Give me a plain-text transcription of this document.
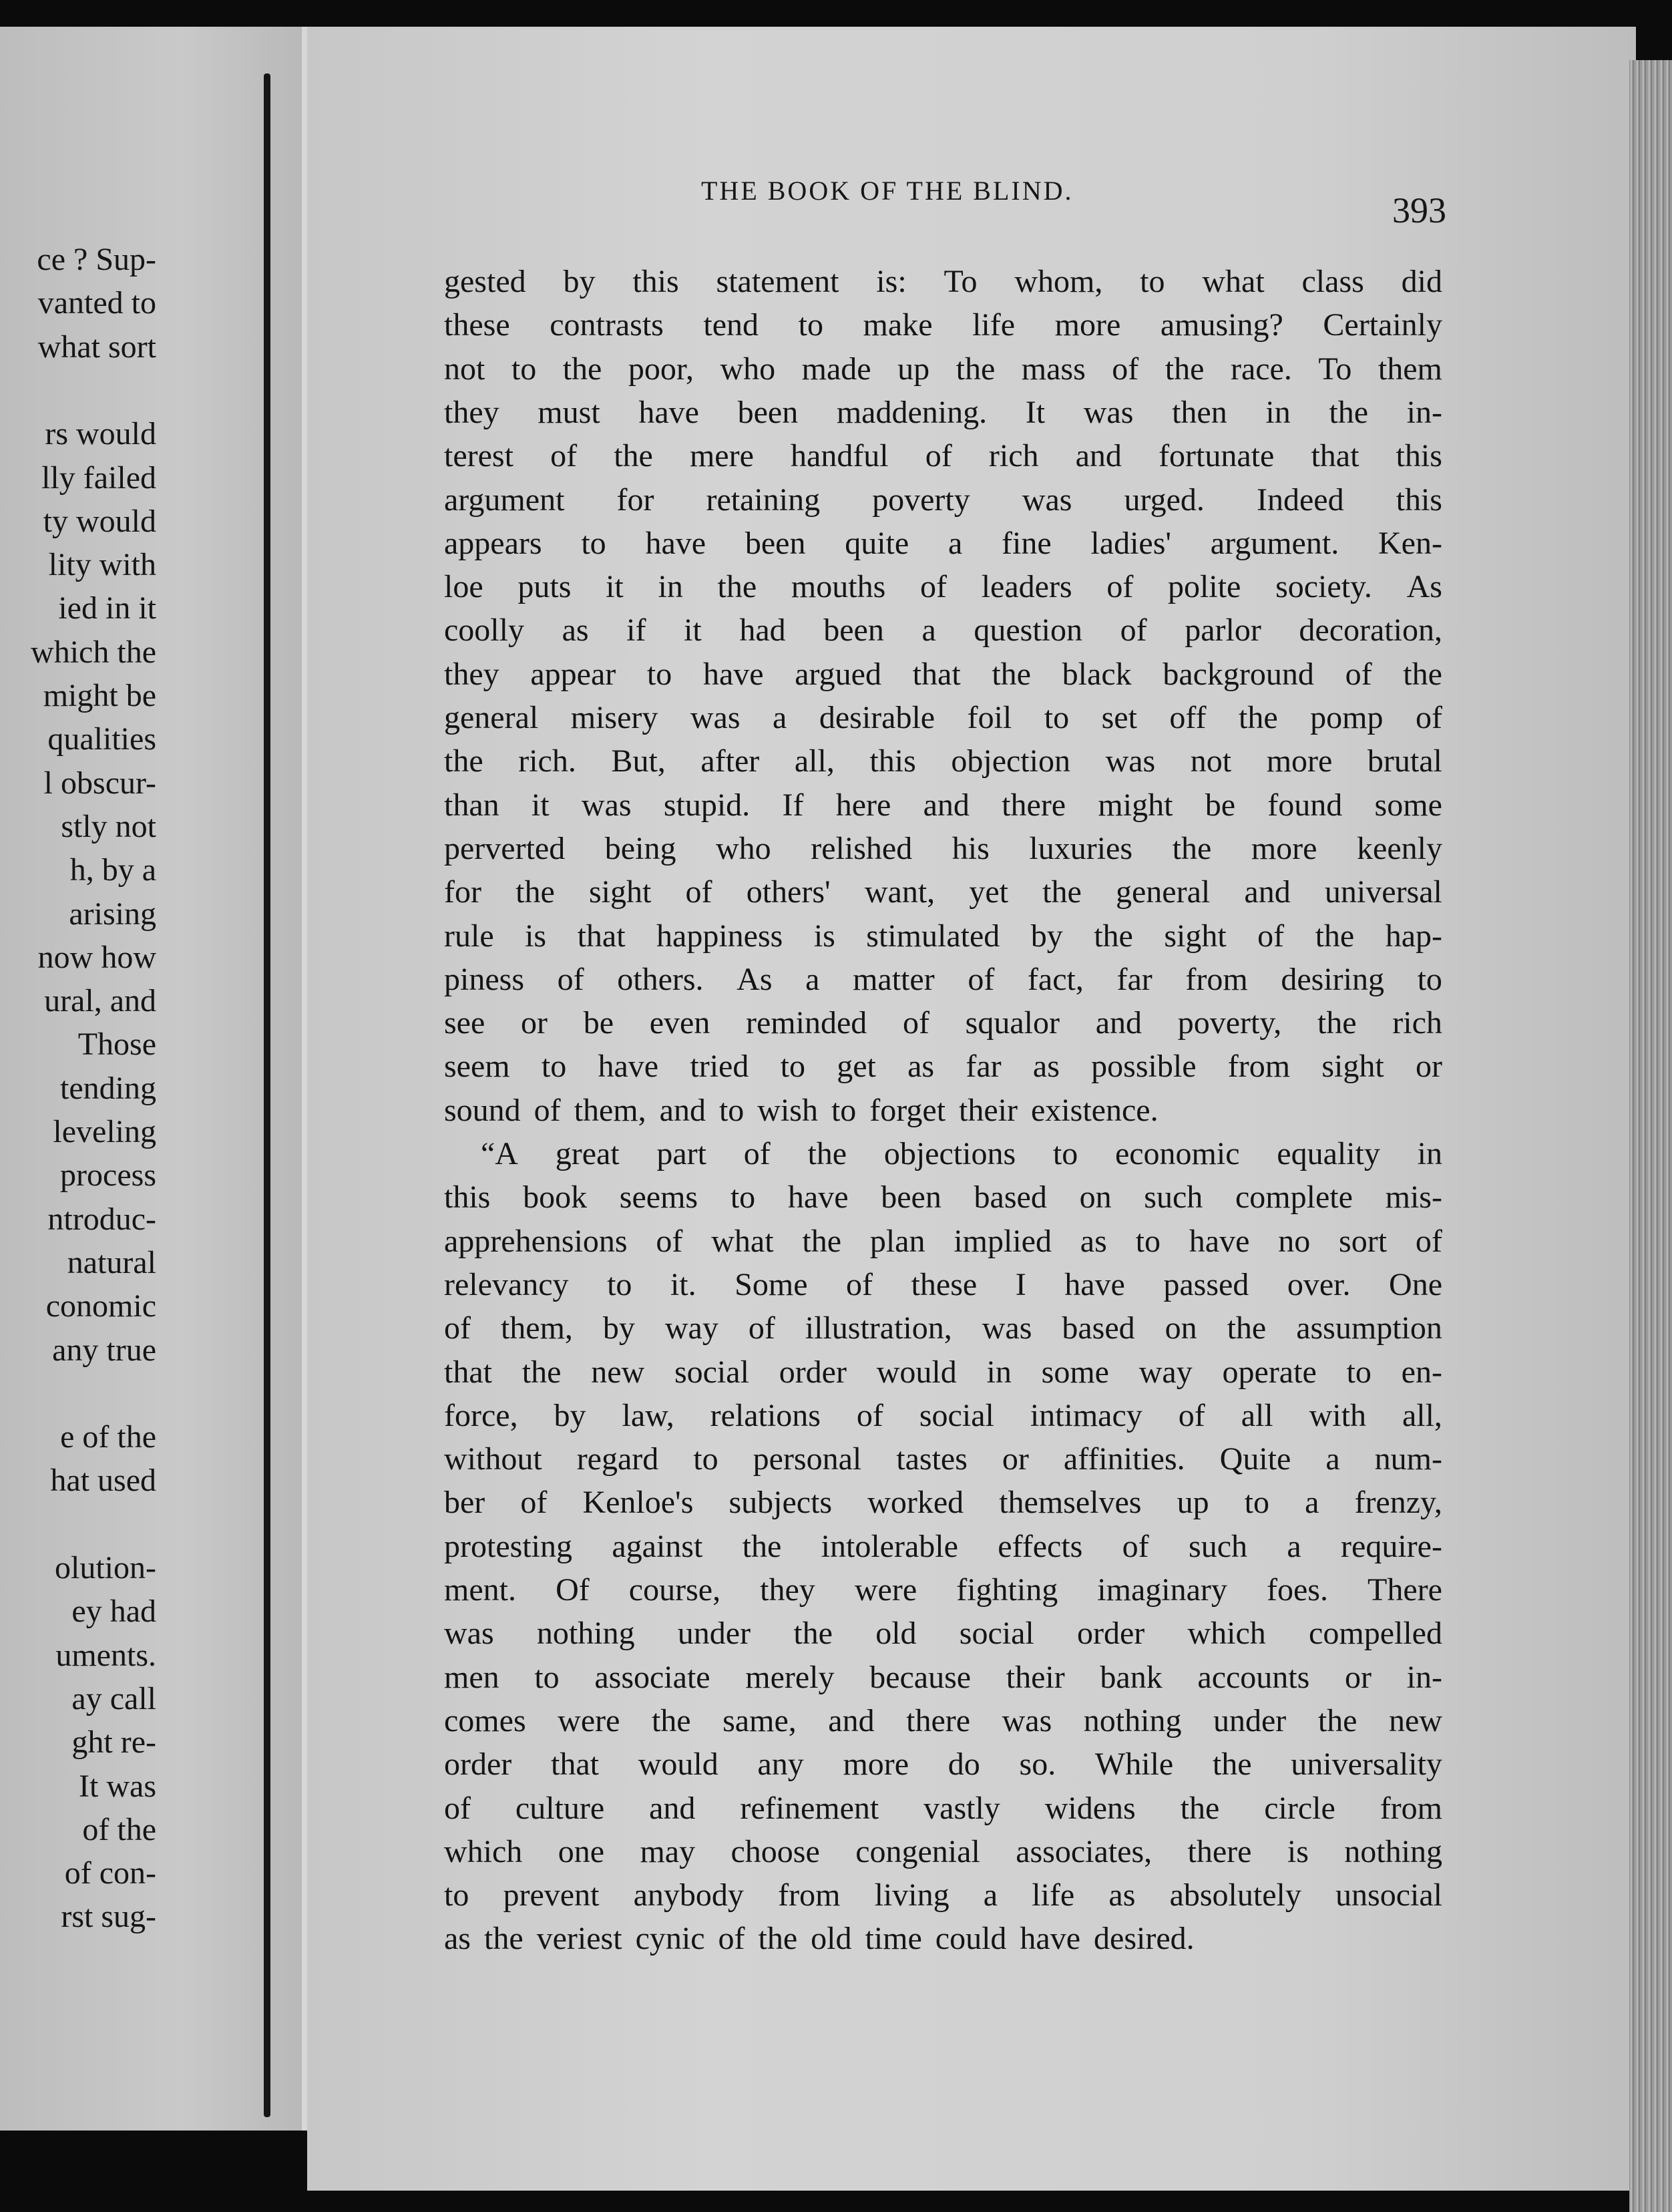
ce ? Sup-
vanted to
what sort
rs would
lly failed
ty would
lity with
ied in it
which the
might be
qualities
l obscur-
stly not
h, by a
arising
now how
ural, and
Those
tending
leveling
process
ntroduc-
natural
conomic
any true
e of the
hat used
olution-
ey had
uments.
ay call
ght re-
It was
of the
of con-
rst sug-
THE BOOK OF THE BLIND.	393
gested by this statement is: To whom, to what class did
these contrasts tend to make life more amusing? Certainly
not to the poor, who made up the mass of the race. To them
they must have been maddening. It was then in the in-
terest of the mere handful of rich and fortunate that this
argument for retaining poverty was urged. Indeed this
appears to have been quite a fine ladies' argument. Ken-
loe puts it in the mouths of leaders of polite society. As
coolly as if it had been a question of parlor decoration,
they appear to have argued that the black background of the
general misery was a desirable foil to set off the pomp of
the rich. But, after all, this objection was not more brutal
than it was stupid. If here and there might be found some
perverted being who relished his luxuries the more keenly
for the sight of others' want, yet the general and universal
rule is that happiness is stimulated by the sight of the hap-
piness of others. As a matter of fact, far from desiring to
see or be even reminded of squalor and poverty, the rich
seem to have tried to get as far as possible from sight or
sound of them, and to wish to forget their existence.
“A great part of the objections to economic equality in
this book seems to have been based on such complete mis-
apprehensions of what the plan implied as to have no sort of
relevancy to it. Some of these I have passed over. One
of them, by way of illustration, was based on the assumption
that the new social order would in some way operate to en-
force, by law, relations of social intimacy of all with all,
without regard to personal tastes or affinities. Quite a num-
ber of Kenloe's subjects worked themselves up to a frenzy,
protesting against the intolerable effects of such a require-
ment. Of course, they were fighting imaginary foes. There
was nothing under the old social order which compelled
men to associate merely because their bank accounts or in-
comes were the same, and there was nothing under the new
order that would any more do so. While the universality
of culture and refinement vastly widens the circle from
which one may choose congenial associates, there is nothing
to prevent anybody from living a life as absolutely unsocial
as the veriest cynic of the old time could have desired.
